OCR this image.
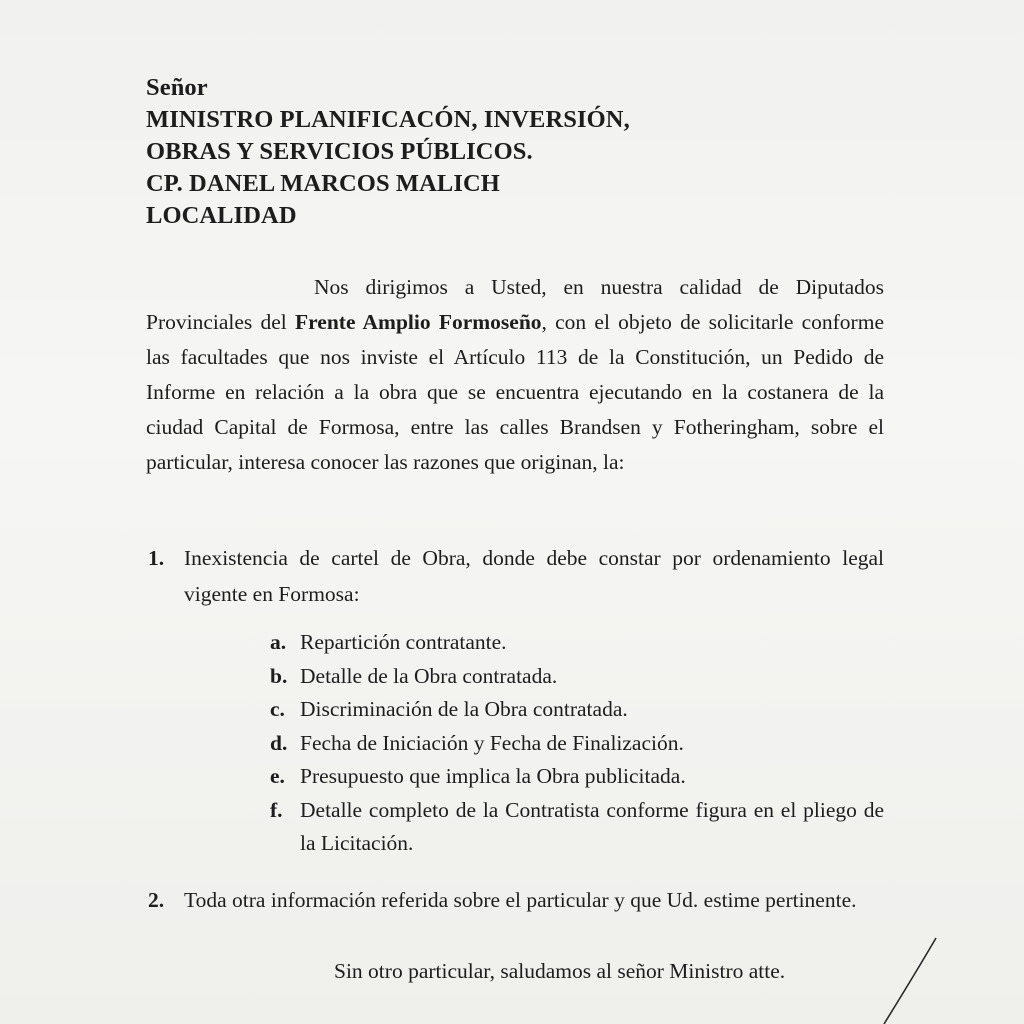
Señor
MINISTRO PLANIFICACÓN, INVERSIÓN,
OBRAS Y SERVICIOS PÚBLICOS.
CP. DANEL MARCOS MALICH
LOCALIDAD
Nos dirigimos a Usted, en nuestra calidad de Diputados Provinciales del Frente Amplio Formoseño, con el objeto de solicitarle conforme las facultades que nos inviste el Artículo 113 de la Constitución, un Pedido de Informe en relación a la obra que se encuentra ejecutando en la costanera de la ciudad Capital de Formosa, entre las calles Brandsen y Fotheringham, sobre el particular, interesa conocer las razones que originan, la:
1. Inexistencia de cartel de Obra, donde debe constar por ordenamiento legal vigente en Formosa:
a. Repartición contratante.
b. Detalle de la Obra contratada.
c. Discriminación de la Obra contratada.
d. Fecha de Iniciación y Fecha de Finalización.
e. Presupuesto que implica la Obra publicitada.
f. Detalle completo de la Contratista conforme figura en el pliego de la Licitación.
2. Toda otra información referida sobre el particular y que Ud. estime pertinente.
Sin otro particular, saludamos al señor Ministro atte.
